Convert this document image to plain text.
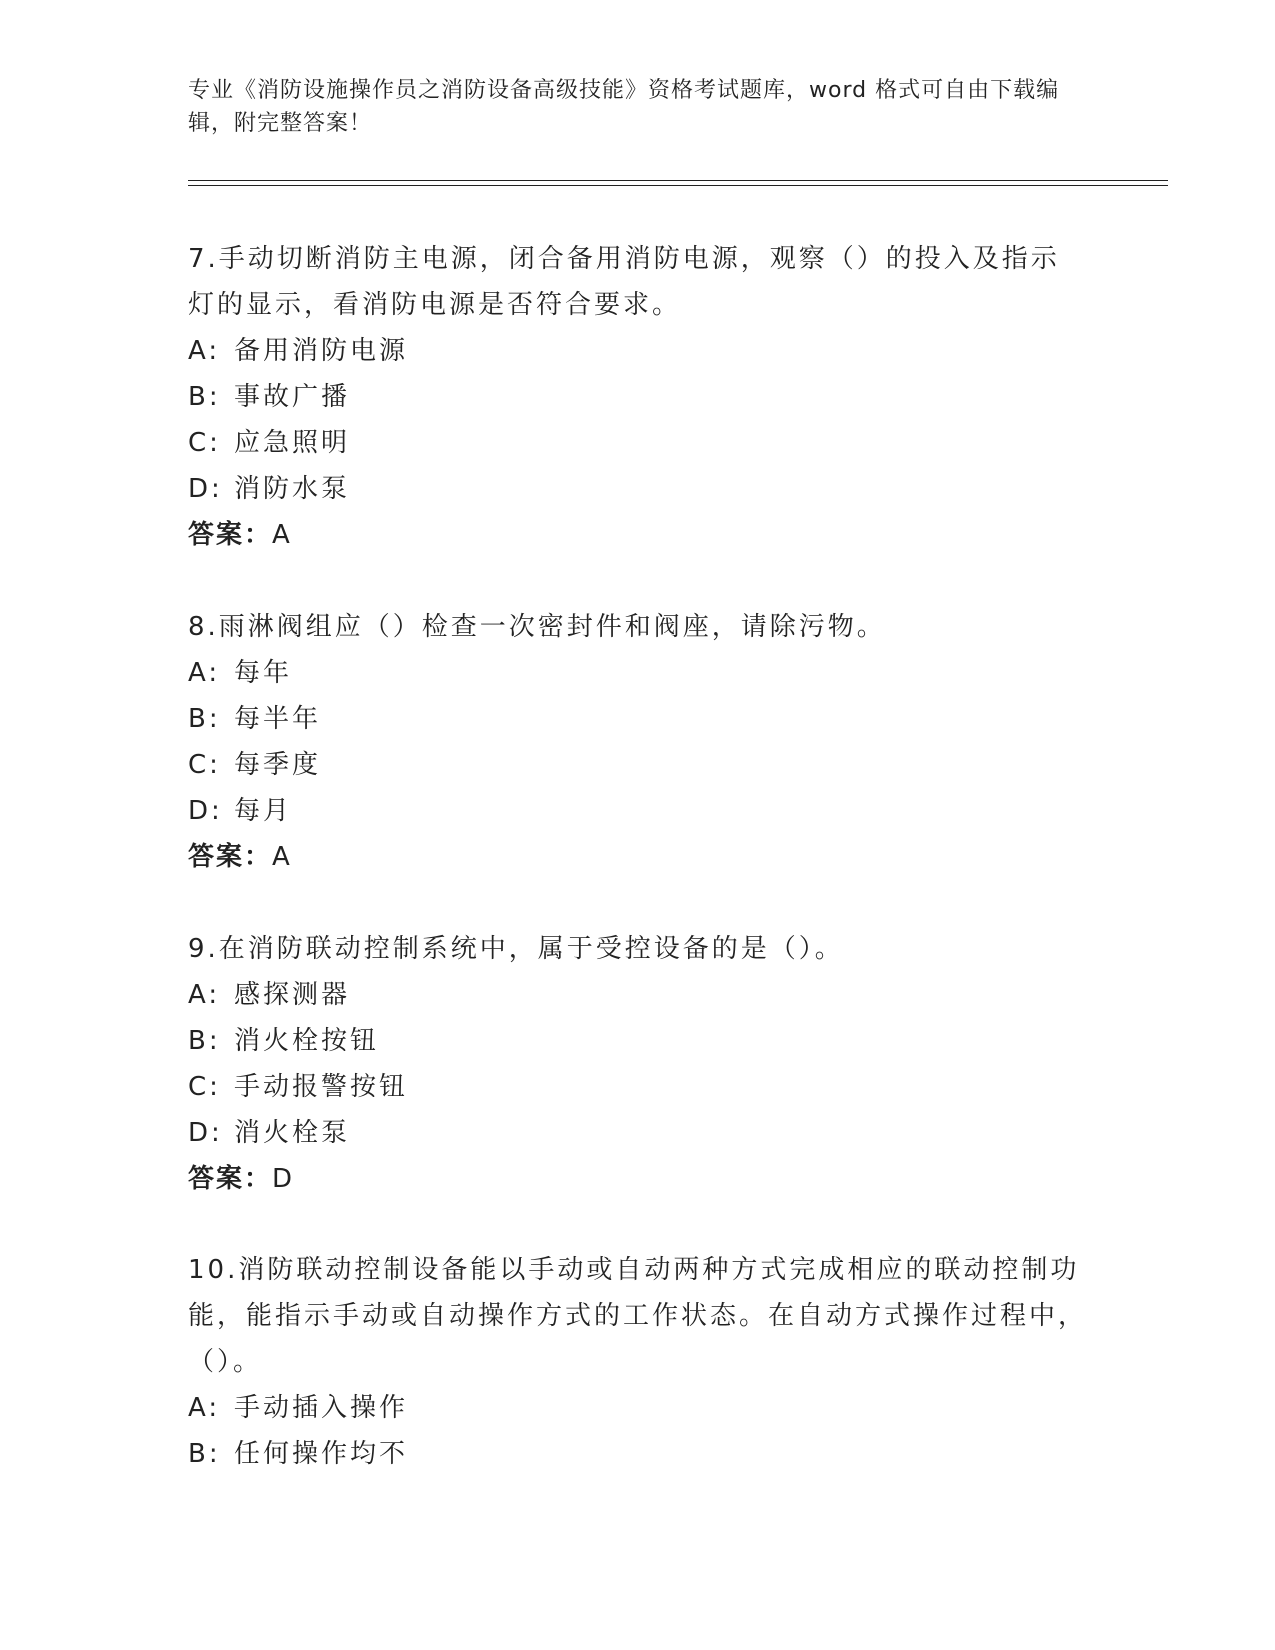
专业《消防设施操作员之消防设备高级技能》资格考试题库，word 格式可自由下载编辑，附完整答案！

7.手动切断消防主电源，闭合备用消防电源，观察（）的投入及指示灯的显示，看消防电源是否符合要求。

A: 备用消防电源

B: 事故广播

C: 应急照明

D: 消防水泵

答案：A

8.雨淋阀组应（）检查一次密封件和阀座，请除污物。

A: 每年

B: 每半年

C: 每季度

D: 每月

答案：A

9.在消防联动控制系统中，属于受控设备的是（）。

A: 感探测器

B: 消火栓按钮

C: 手动报警按钮

D: 消火栓泵

答案：D

10.消防联动控制设备能以手动或自动两种方式完成相应的联动控制功能，能指示手动或自动操作方式的工作状态。在自动方式操作过程中，（）。

A: 手动插入操作

B: 任何操作均不
